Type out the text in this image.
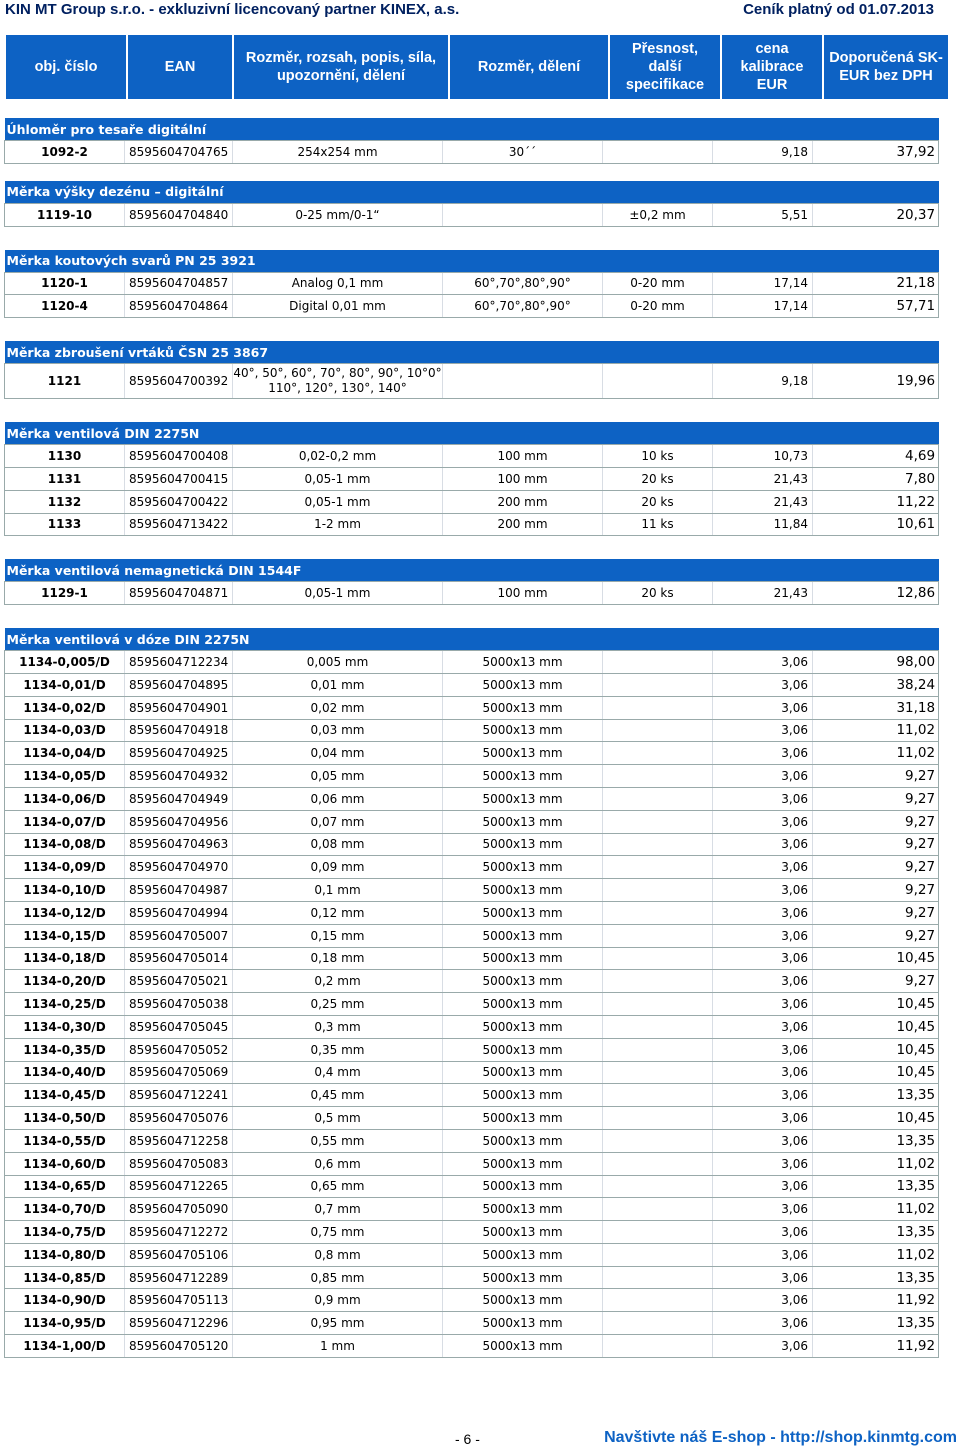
KIN MT Group s.r.o. - exkluzivní licencovaný partner KINEX, a.s.	Ceník platný od 01.07.2013
obj. číslo	EAN	Rozměr, rozsah, popis, síla, upozornění, dělení	Rozměr, dělení	Přesnost, další specifikace	cena kalibrace EUR	Doporučená SK-EUR bez DPH
Úhloměr pro tesaře digitální						
1092-2	8595604704765	254x254 mm	30´´		9,18	37,92

Měrka výšky dezénu – digitální						
1119-10	8595604704840	0-25 mm/0-1“		±0,2 mm	5,51	20,37

Měrka koutových svarů PN 25 3921						
1120-1	8595604704857	Analog 0,1 mm	60°,70°,80°,90°	0-20 mm	17,14	21,18
1120-4	8595604704864	Digital 0,01 mm	60°,70°,80°,90°	0-20 mm	17,14	57,71

Měrka zbroušení vrtáků ČSN 25 3867						
1121	8595604700392	40°, 50°, 60°, 70°, 80°, 90°, 10°0° 110°, 120°, 130°, 140°			9,18	19,96

Měrka ventilová DIN 2275N						
1130	8595604700408	0,02-0,2 mm	100 mm	10 ks	10,73	4,69
1131	8595604700415	0,05-1 mm	100 mm	20 ks	21,43	7,80
1132	8595604700422	0,05-1 mm	200 mm	20 ks	21,43	11,22
1133	8595604713422	1-2 mm	200 mm	11 ks	11,84	10,61

Měrka ventilová nemagnetická DIN 1544F						
1129-1	8595604704871	0,05-1 mm	100 mm	20 ks	21,43	12,86

Měrka ventilová v dóze DIN 2275N						
1134-0,005/D	8595604712234	0,005 mm	5000x13 mm		3,06	98,00
1134-0,01/D	8595604704895	0,01 mm	5000x13 mm		3,06	38,24
1134-0,02/D	8595604704901	0,02 mm	5000x13 mm		3,06	31,18
1134-0,03/D	8595604704918	0,03 mm	5000x13 mm		3,06	11,02
1134-0,04/D	8595604704925	0,04 mm	5000x13 mm		3,06	11,02
1134-0,05/D	8595604704932	0,05 mm	5000x13 mm		3,06	9,27
1134-0,06/D	8595604704949	0,06 mm	5000x13 mm		3,06	9,27
1134-0,07/D	8595604704956	0,07 mm	5000x13 mm		3,06	9,27
1134-0,08/D	8595604704963	0,08 mm	5000x13 mm		3,06	9,27
1134-0,09/D	8595604704970	0,09 mm	5000x13 mm		3,06	9,27
1134-0,10/D	8595604704987	0,1 mm	5000x13 mm		3,06	9,27
1134-0,12/D	8595604704994	0,12 mm	5000x13 mm		3,06	9,27
1134-0,15/D	8595604705007	0,15 mm	5000x13 mm		3,06	9,27
1134-0,18/D	8595604705014	0,18 mm	5000x13 mm		3,06	10,45
1134-0,20/D	8595604705021	0,2 mm	5000x13 mm		3,06	9,27
1134-0,25/D	8595604705038	0,25 mm	5000x13 mm		3,06	10,45
1134-0,30/D	8595604705045	0,3 mm	5000x13 mm		3,06	10,45
1134-0,35/D	8595604705052	0,35 mm	5000x13 mm		3,06	10,45
1134-0,40/D	8595604705069	0,4 mm	5000x13 mm		3,06	10,45
1134-0,45/D	8595604712241	0,45 mm	5000x13 mm		3,06	13,35
1134-0,50/D	8595604705076	0,5 mm	5000x13 mm		3,06	10,45
1134-0,55/D	8595604712258	0,55 mm	5000x13 mm		3,06	13,35
1134-0,60/D	8595604705083	0,6 mm	5000x13 mm		3,06	11,02
1134-0,65/D	8595604712265	0,65 mm	5000x13 mm		3,06	13,35
1134-0,70/D	8595604705090	0,7 mm	5000x13 mm		3,06	11,02
1134-0,75/D	8595604712272	0,75 mm	5000x13 mm		3,06	13,35
1134-0,80/D	8595604705106	0,8 mm	5000x13 mm		3,06	11,02
1134-0,85/D	8595604712289	0,85 mm	5000x13 mm		3,06	13,35
1134-0,90/D	8595604705113	0,9 mm	5000x13 mm		3,06	11,92
1134-0,95/D	8595604712296	0,95 mm	5000x13 mm		3,06	13,35
1134-1,00/D	8595604705120	1 mm	5000x13 mm		3,06	11,92
- 6 -	Navštivte náš E-shop - http://shop.kinmtg.com
